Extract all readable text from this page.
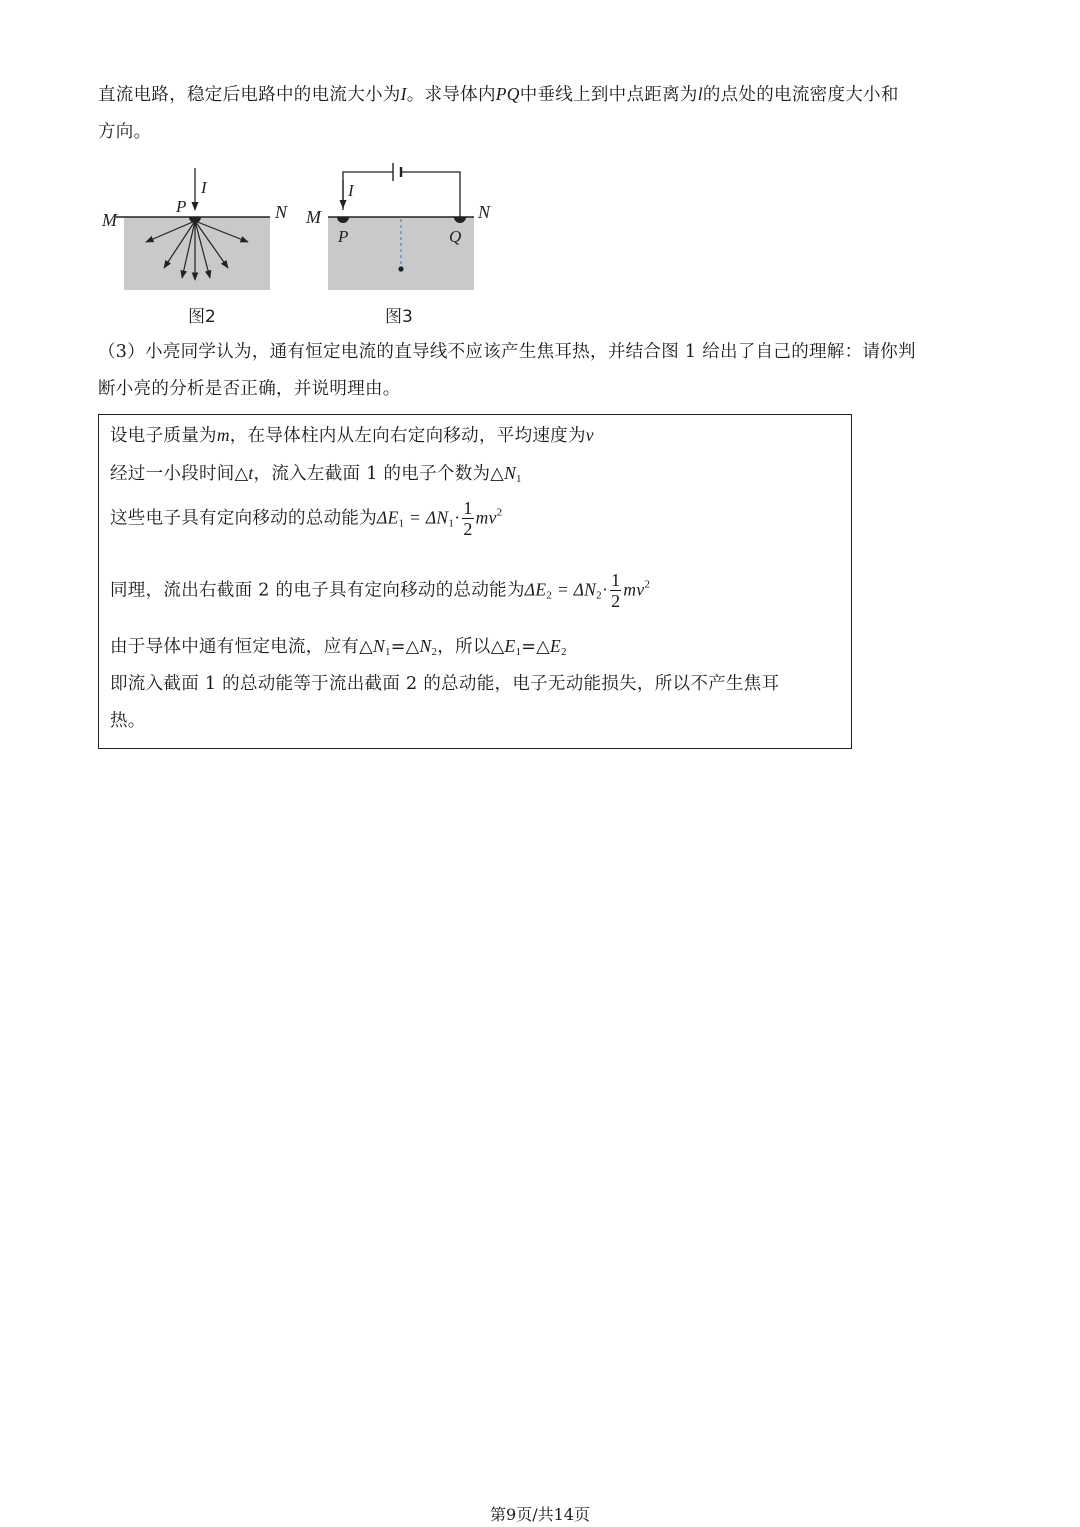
直流电路，稳定后电路中的电流大小为I。求导体内PQ中垂线上到中点距离为l的点处的电流密度大小和
方向。
M	N
P
I
图2
M	N
P	Q
I
图3
（3）小亮同学认为，通有恒定电流的直导线不应该产生焦耳热，并结合图 1 给出了自己的理解：请你判
断小亮的分析是否正确，并说明理由。
设电子质量为m，在导体柱内从左向右定向移动，平均速度为v
经过一小段时间△t，流入左截面 1 的电子个数为$\triangle N_1$
这些电子具有定向移动的总动能为$\Delta E_1 = \Delta N_1\cdot \frac{1}{2} mv^2$
同理，流出右截面 2 的电子具有定向移动的总动能为$\Delta E_2 = \Delta N_2\cdot \frac{1}{2} mv^2$
由于导体中通有恒定电流，应有$\triangle N_1=\triangle N_2$，所以$\triangle E_1=\triangle E_2$
即流入截面 1 的总动能等于流出截面 2 的总动能，电子无动能损失，所以不产生焦耳
热。
第9页/共14页
